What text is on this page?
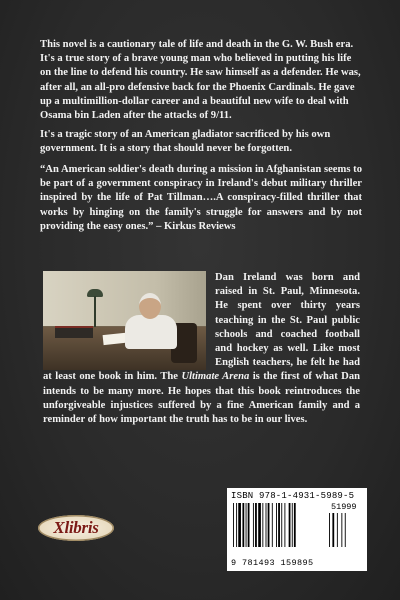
This novel is a cautionary tale of life and death in the G. W. Bush era. It's a true story of a brave young man who believed in putting his life on the line to defend his country. He saw himself as a defender. He was, after all, an all-pro defensive back for the Phoenix Cardinals. He gave up a multimillion-dollar career and a beautiful new wife to deal with Osama bin Laden after the attacks of 9/11.
It's a tragic story of an American gladiator sacrificed by his own government. It is a story that should never be forgotten.
“An American soldier's death during a mission in Afghanistan seems to be part of a government conspiracy in Ireland's debut military thriller inspired by the life of Pat Tillman….A conspiracy-filled thriller that works by hinging on the family's struggle for answers and by not providing the easy ones.” – Kirkus Reviews

Dan Ireland was born and raised in St. Paul, Minnesota. He spent over thirty years teaching in the St. Paul public schools and coached football and hockey as well. Like most English teachers, he felt he had at least one book in him. The Ultimate Arena is the first of what Dan intends to be many more. He hopes that this book reintroduces the unforgiveable injustices suffered by a fine American family and a reminder of how important the truth has to be in our lives.

Xlibris
ISBN 978-1-4931-5989-5
51999
9 781493 159895
